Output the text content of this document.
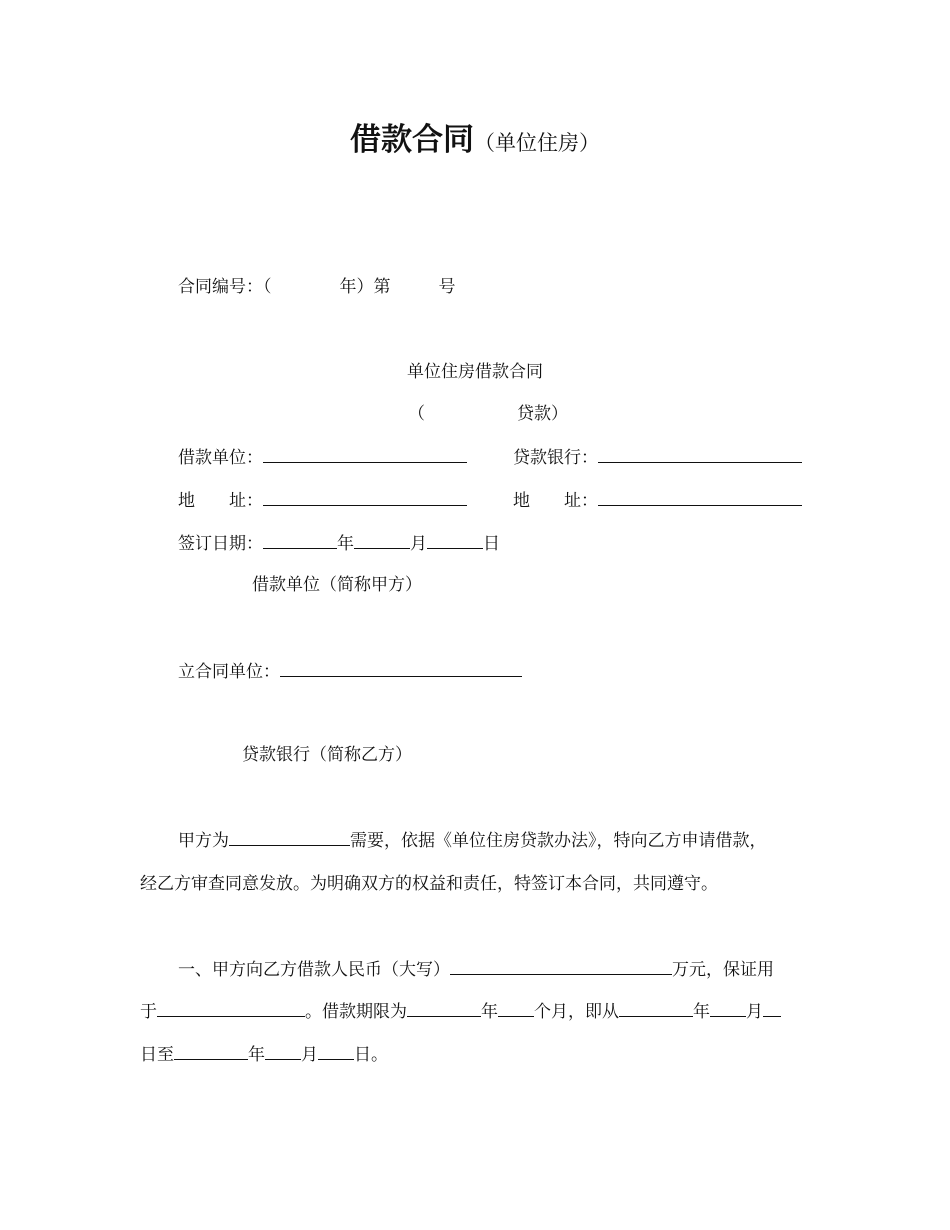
借款合同（单位住房）
合同编号：（	年）第	号
单位住房借款合同
（	贷款）
借款单位：	贷款银行：
地　　址：	地　　址：
签订日期：	年	月	日
借款单位（简称甲方）
立合同单位：
贷款银行（简称乙方）
甲方为	需要，依据《单位住房贷款办法》，特向乙方申请借款，
经乙方审查同意发放。为明确双方的权益和责任，特签订本合同，共同遵守。
一、甲方向乙方借款人民币（大写）	万元，保证用
于	。借款期限为	年 个月，即从	年 月
日至	年 月 日。
